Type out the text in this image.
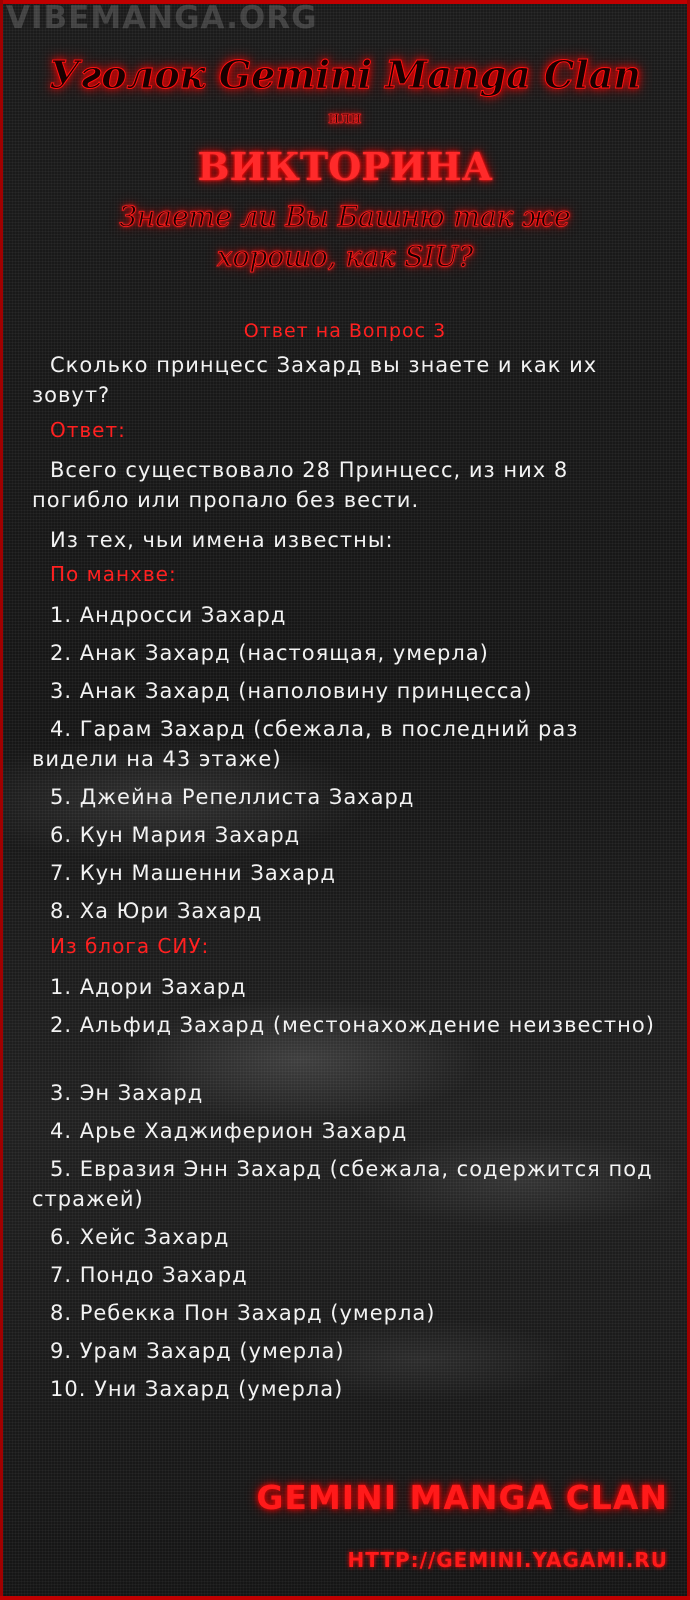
VIBEMANGA.ORG
Уголок Gemini Manga Clan
или
ВИКТОРИНА
Знаете ли Вы Башню так же
хорошо, как SIU?
Ответ на Вопрос 3
Сколько принцесс Захард вы знаете и как их зовут?
Ответ:
Всего существовало 28 Принцесс, из них 8 погибло или пропало без вести.
Из тех, чьи имена известны:
По манхве:
1. Андросси Захард
2. Анак Захард (настоящая, умерла)
3. Анак Захард (наполовину принцесса)
4. Гарам Захард (сбежала, в последний раз видели на 43 этаже)
5. Джейна Репеллиста Захард
6. Кун Мария Захард
7. Кун Машенни Захард
8. Ха Юри Захард
Из блога СИУ:
1. Адори Захард
2. Альфид Захард (местонахождение неизвестно)
3. Эн Захард
4. Арье Хаджиферион Захард
5. Евразия Энн Захард (сбежала, содержится под стражей)
6. Хейс Захард
7. Пондо Захард
8. Ребекка Пон Захард (умерла)
9. Урам Захард (умерла)
10. Уни Захард (умерла)
GEMINI MANGA CLAN
HTTP://GEMINI.YAGAMI.RU
